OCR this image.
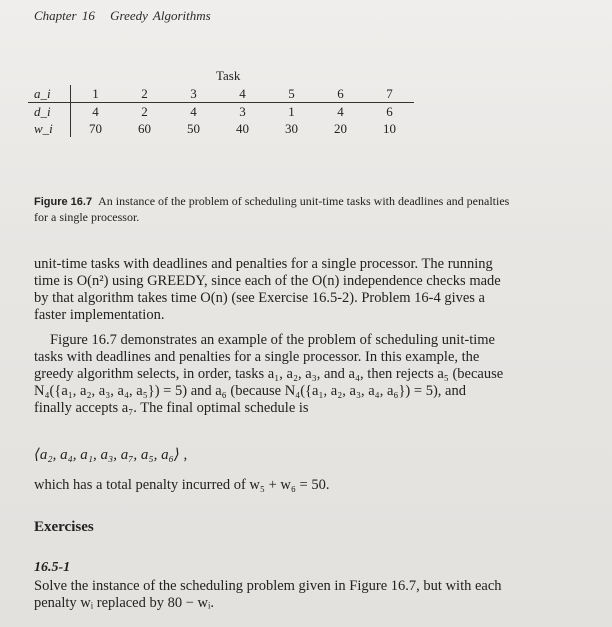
Chapter 16 Greedy Algorithms
Task
a_i	1	2	3	4	5	6	7
d_i	4	2	4	3	1	4	6
w_i	70	60	50	40	30	20	10
Figure 16.7 An instance of the problem of scheduling unit-time tasks with deadlines and penalties
for a single processor.
unit-time tasks with deadlines and penalties for a single processor. The running
time is O(n²) using GREEDY, since each of the O(n) independence checks made
by that algorithm takes time O(n) (see Exercise 16.5-2). Problem 16-4 gives a
faster implementation.
Figure 16.7 demonstrates an example of the problem of scheduling unit-time
tasks with deadlines and penalties for a single processor. In this example, the
greedy algorithm selects, in order, tasks a₁, a₂, a₃, and a₄, then rejects a₅ (because
N₄({a₁, a₂, a₃, a₄, a₅}) = 5) and a₆ (because N₄({a₁, a₂, a₃, a₄, a₆}) = 5), and
finally accepts a₇. The final optimal schedule is
⟨a₂, a₄, a₁, a₃, a₇, a₅, a₆⟩ ,
which has a total penalty incurred of w₅ + w₆ = 50.
Exercises
16.5-1
Solve the instance of the scheduling problem given in Figure 16.7, but with each
penalty wᵢ replaced by 80 − wᵢ.
